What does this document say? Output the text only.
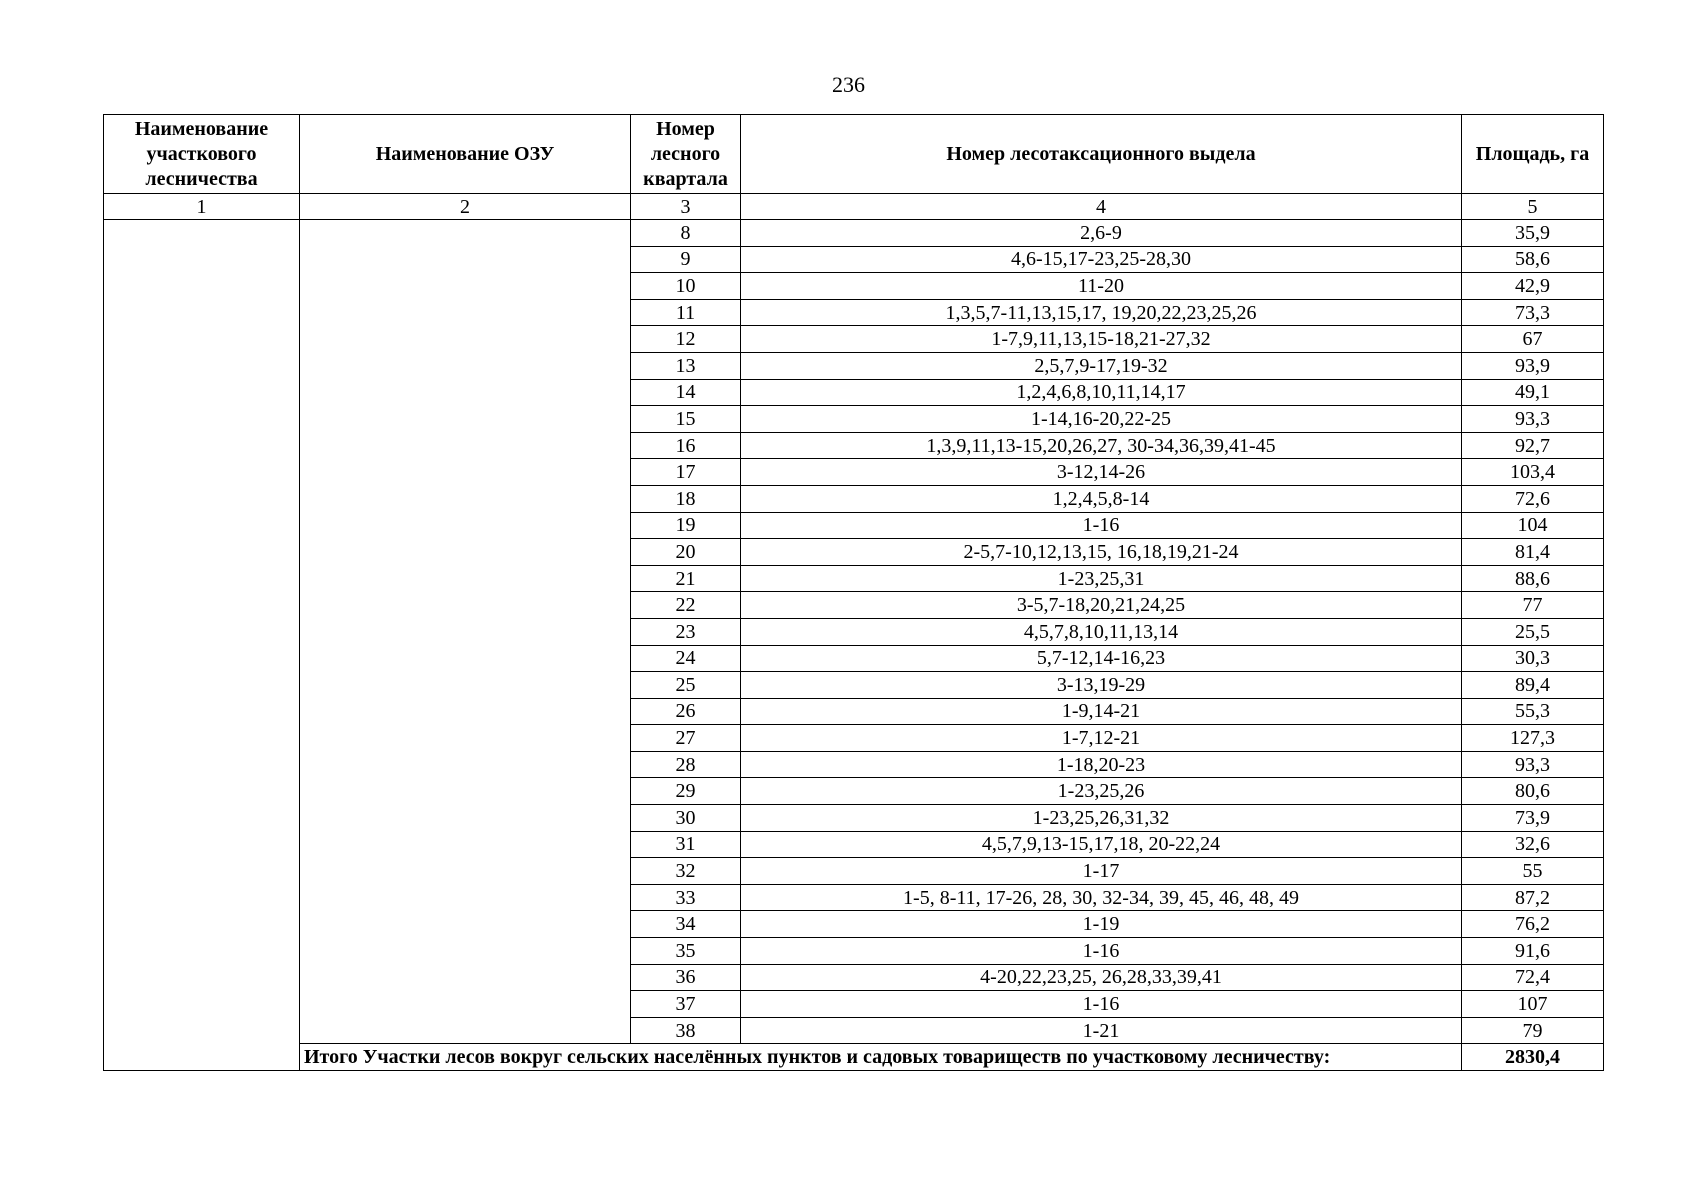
236
Наименование участкового лесничества	Наименование ОЗУ	Номер лесного квартала	Номер лесотаксационного выдела	Площадь, га
1	2	3	4	5
		8	2,6-9	35,9
		9	4,6-15,17-23,25-28,30	58,6
		10	11-20	42,9
		11	1,3,5,7-11,13,15,17, 19,20,22,23,25,26	73,3
		12	1-7,9,11,13,15-18,21-27,32	67
		13	2,5,7,9-17,19-32	93,9
		14	1,2,4,6,8,10,11,14,17	49,1
		15	1-14,16-20,22-25	93,3
		16	1,3,9,11,13-15,20,26,27, 30-34,36,39,41-45	92,7
		17	3-12,14-26	103,4
		18	1,2,4,5,8-14	72,6
		19	1-16	104
		20	2-5,7-10,12,13,15, 16,18,19,21-24	81,4
		21	1-23,25,31	88,6
		22	3-5,7-18,20,21,24,25	77
		23	4,5,7,8,10,11,13,14	25,5
		24	5,7-12,14-16,23	30,3
		25	3-13,19-29	89,4
		26	1-9,14-21	55,3
		27	1-7,12-21	127,3
		28	1-18,20-23	93,3
		29	1-23,25,26	80,6
		30	1-23,25,26,31,32	73,9
		31	4,5,7,9,13-15,17,18, 20-22,24	32,6
		32	1-17	55
		33	1-5, 8-11, 17-26, 28, 30, 32-34, 39, 45, 46, 48, 49	87,2
		34	1-19	76,2
		35	1-16	91,6
		36	4-20,22,23,25, 26,28,33,39,41	72,4
		37	1-16	107
		38	1-21	79
	Итого Участки лесов вокруг сельских населённых пунктов и садовых товариществ по участковому лесничеству:			2830,4
